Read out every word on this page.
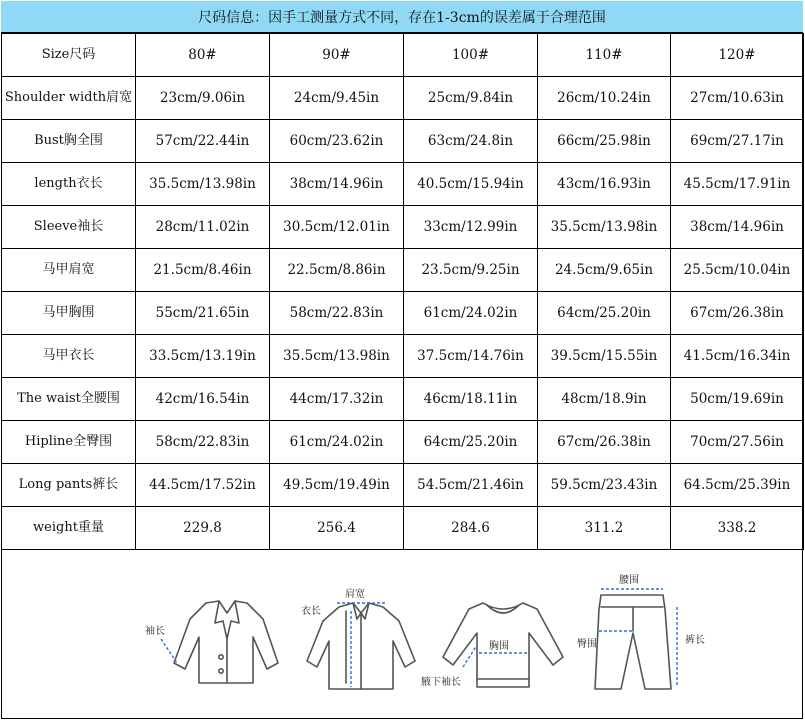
尺码信息：因手工测量方式不同，存在1-3cm的误差属于合理范围
Size尺码	80#	90#	100#	110#	120#
Shoulder width肩宽	23cm/9.06in	24cm/9.45in	25cm/9.84in	26cm/10.24in	27cm/10.63in
Bust胸全围	57cm/22.44in	60cm/23.62in	63cm/24.8in	66cm/25.98in	69cm/27.17in
length衣长	35.5cm/13.98in	38cm/14.96in	40.5cm/15.94in	43cm/16.93in	45.5cm/17.91in
Sleeve袖长	28cm/11.02in	30.5cm/12.01in	33cm/12.99in	35.5cm/13.98in	38cm/14.96in
马甲肩宽	21.5cm/8.46in	22.5cm/8.86in	23.5cm/9.25in	24.5cm/9.65in	25.5cm/10.04in
马甲胸围	55cm/21.65in	58cm/22.83in	61cm/24.02in	64cm/25.20in	67cm/26.38in
马甲衣长	33.5cm/13.19in	35.5cm/13.98in	37.5cm/14.76in	39.5cm/15.55in	41.5cm/16.34in
The waist全腰围	42cm/16.54in	44cm/17.32in	46cm/18.11in	48cm/18.9in	50cm/19.69in
Hipline全臀围	58cm/22.83in	61cm/24.02in	64cm/25.20in	67cm/26.38in	70cm/27.56in
Long pants裤长	44.5cm/17.52in	49.5cm/19.49in	54.5cm/21.46in	59.5cm/23.43in	64.5cm/25.39in
weight重量	229.8	256.4	284.6	311.2	338.2
袖长
肩宽
衣长
胸围
腋下袖长
腰围
臀围	裤长
